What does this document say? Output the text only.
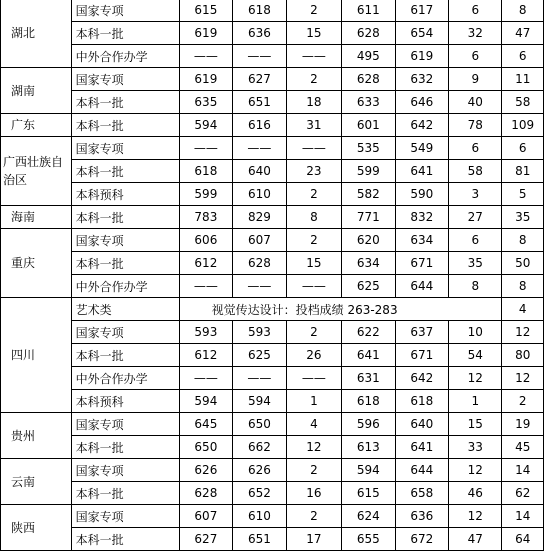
湖北	国家专项	615	618	2	611	617	6	8
	本科一批	619	636	15	628	654	32	47
	中外合作办学	——	——	——	495	619	6	6
湖南	国家专项	619	627	2	628	632	9	11
	本科一批	635	651	18	633	646	40	58
广东	本科一批	594	616	31	601	642	78	109
广西壮族自治区	国家专项	——	——	——	535	549	6	6
	本科一批	618	640	23	599	641	58	81
	本科预科	599	610	2	582	590	3	5
海南	本科一批	783	829	8	771	832	27	35
重庆	国家专项	606	607	2	620	634	6	8
	本科一批	612	628	15	634	671	35	50
	中外合作办学	——	——	——	625	644	8	8
四川	艺术类	视觉传达设计：投档成绩 263-283						4
	国家专项	593	593	2	622	637	10	12
	本科一批	612	625	26	641	671	54	80
	中外合作办学	——	——	——	631	642	12	12
	本科预科	594	594	1	618	618	1	2
贵州	国家专项	645	650	4	596	640	15	19
	本科一批	650	662	12	613	641	33	45
云南	国家专项	626	626	2	594	644	12	14
	本科一批	628	652	16	615	658	46	62
陕西	国家专项	607	610	2	624	636	12	14
	本科一批	627	651	17	655	672	47	64
